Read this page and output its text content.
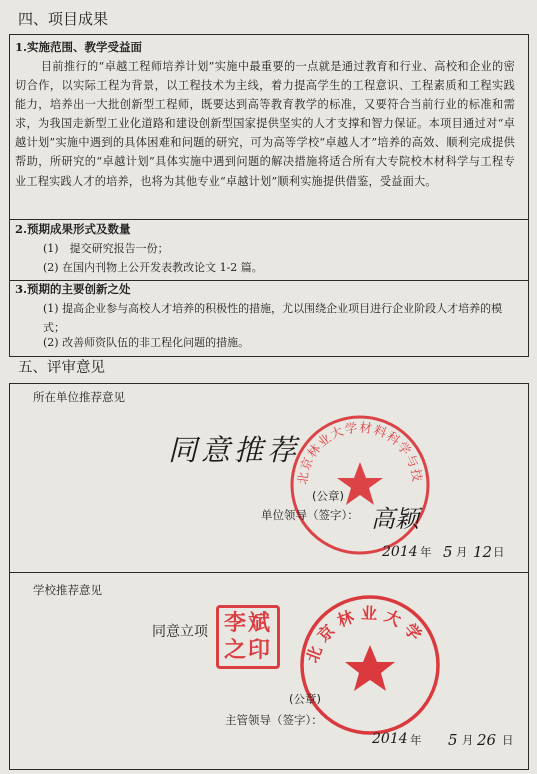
四、项目成果
1.实施范围、教学受益面
目前推行的“卓越工程师培养计划”实施中最重要的一点就是通过教育和行业、高校和企业的密切合作，以实际工程为背景，以工程技术为主线，着力提高学生的工程意识、工程素质和工程实践能力，培养出一大批创新型工程师，既要达到高等教育教学的标准，又要符合当前行业的标准和需求，为我国走新型工业化道路和建设创新型国家提供坚实的人才支撑和智力保证。本项目通过对“卓越计划”实施中遇到的具体困难和问题的研究，可为高等学校“卓越人才”培养的高效、顺利完成提供帮助，所研究的“卓越计划”具体实施中遇到问题的解决措施将适合所有大专院校木材科学与工程专业工程实践人才的培养，也将为其他专业“卓越计划”顺利实施提供借鉴，受益面大。
2.预期成果形式及数量
(1)　提交研究报告一份；
(2) 在国内刊物上公开发表教改论文 1-2 篇。
3.预期的主要创新之处
(1) 提高企业参与高校人才培养的积极性的措施，尤以围绕企业项目进行企业阶段人才培养的模式；
(2) 改善师资队伍的非工程化问题的措施。
五、评审意见
所在单位推荐意见
北京林业大学材料科学与技术学院
同意推荐
(公章)
单位领导（签字）： 高颖
2014 年 5 月 12 日
学校推荐意见
同意立项 李斌之印 北京林业大学
(公章)
主管领导（签字）：
2014 年 5 月 26 日
